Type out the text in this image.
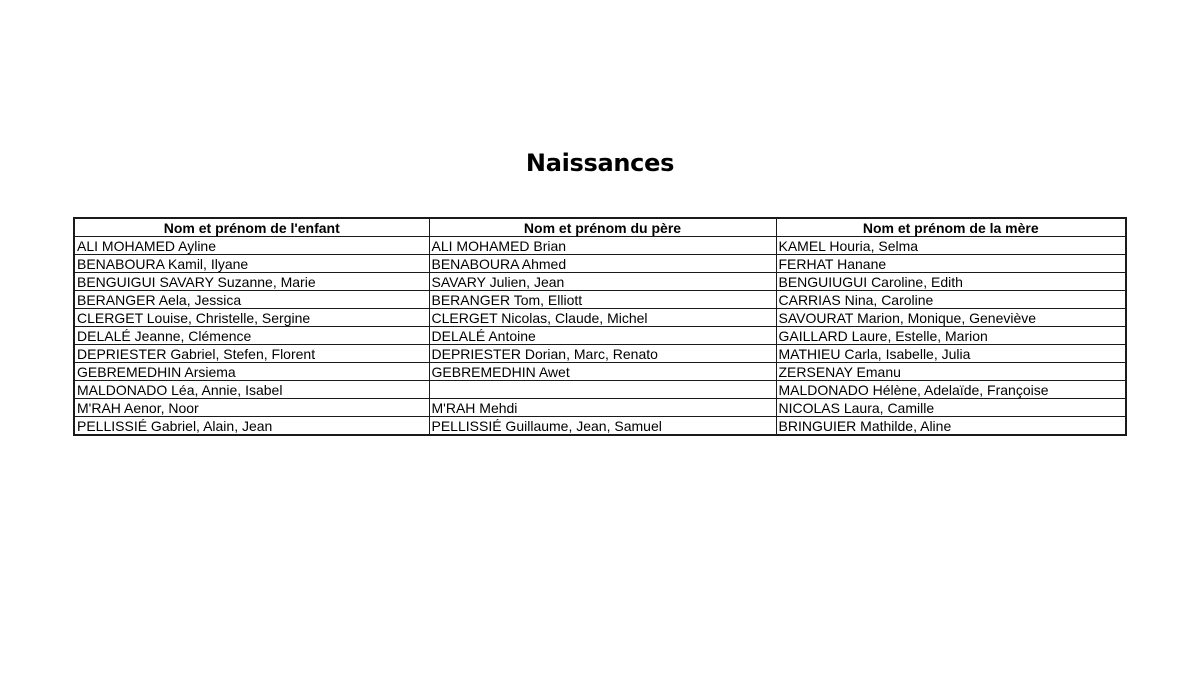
Naissances
Nom et prénom de l'enfant	Nom et prénom du père	Nom et prénom de la mère
ALI MOHAMED Ayline	ALI MOHAMED Brian	KAMEL Houria, Selma
BENABOURA Kamil, Ilyane	BENABOURA Ahmed	FERHAT Hanane
BENGUIGUI SAVARY Suzanne, Marie	SAVARY Julien, Jean	BENGUIUGUI Caroline, Edith
BERANGER Aela, Jessica	BERANGER Tom, Elliott	CARRIAS Nina, Caroline
CLERGET Louise, Christelle, Sergine	CLERGET Nicolas, Claude, Michel	SAVOURAT Marion, Monique, Geneviève
DELALÉ Jeanne, Clémence	DELALÉ Antoine	GAILLARD Laure, Estelle, Marion
DEPRIESTER Gabriel, Stefen, Florent	DEPRIESTER Dorian, Marc, Renato	MATHIEU Carla, Isabelle, Julia
GEBREMEDHIN Arsiema	GEBREMEDHIN Awet	ZERSENAY Emanu
MALDONADO Léa, Annie, Isabel		MALDONADO Hélène, Adelaïde, Françoise
M'RAH Aenor, Noor	M'RAH Mehdi	NICOLAS Laura, Camille
PELLISSIÉ Gabriel, Alain, Jean	PELLISSIÉ Guillaume, Jean, Samuel	BRINGUIER Mathilde, Aline
